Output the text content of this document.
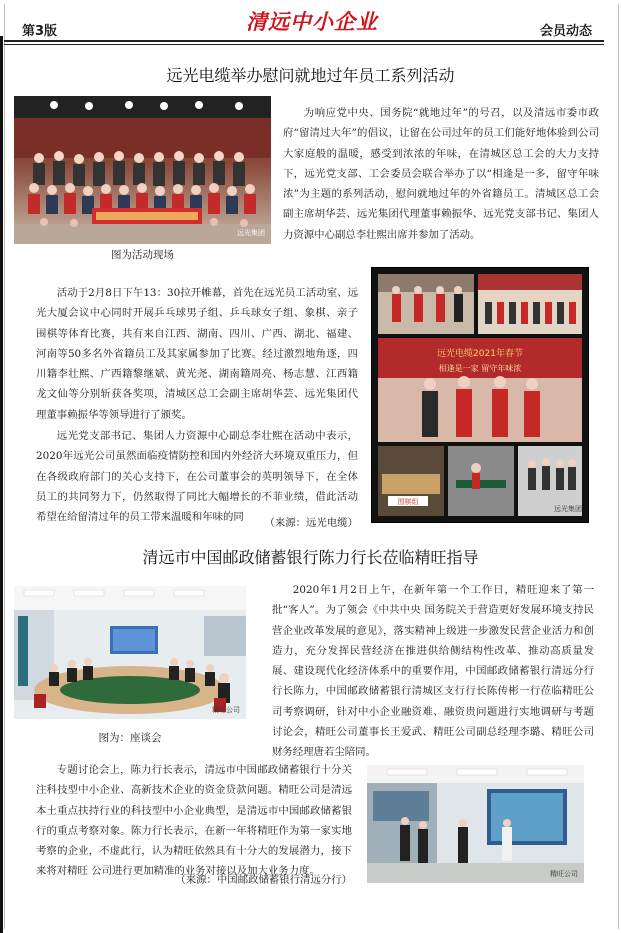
第3版	清远中小企业	会员动态
远光电缆举办慰问就地过年员工系列活动
远光集团
图为活动现场

为响应党中央、国务院“就地过年”的号召，以及清远市委市政府“留清过大年”的倡议，让留在公司过年的员工们能好地体验到公司大家庭般的温暖，感受到浓浓的年味，在清城区总工会的大力支持下，远光党支部、工会委员会联合举办了以“相逢是一多，留守年味浓”为主题的系列活动，慰问就地过年的外省籍员工。清城区总工会副主席胡华芸、远光集团代理董事赖振华、远光党支部书记、集团人力资源中心副总李壮熙出席并参加了活动。

活动于2月8日下午13：30拉开帷幕，首先在远光员工活动室、远光大厦会议中心同时开展乒乓球男子组、乒乓球女子组、象棋、亲子围棋等体育比赛，共有来自江西、湖南、四川、广西、湖北、福建、河南等50多名外省籍员工及其家属参加了比赛。经过激烈地角逐，四川籍李壮熙、广西籍黎继斌、黄光尧、湖南籍周亮、杨志慧、江西籍龙文仙等分别斩获各奖项，清城区总工会副主席胡华芸、远光集团代理董事赖振华等领导进行了颁奖。

远光党支部书记、集团人力资源中心副总李壮熙在活动中表示，2020年远光公司虽然面临疫情防控和国内外经济大环境双重压力，但在各级政府部门的关心支持下，在公司董事会的英明领导下，在全体员工的共同努力下，仍然取得了同比大幅增长的不菲业绩，借此活动希望在给留清过年的员工带来温暖和年味的同	（来源：远光电缆）
远光电缆2021年春节
相逢是一家 留守年味浓
围棋组
远光集团
清远市中国邮政储蓄银行陈力行长莅临精旺指导
精旺公司
图为：座谈会

2020年1月2日上午，在新年第一个工作日，精旺迎来了第一批“客人”。为了领会《中共中央 国务院关于营造更好发展环境支持民营企业改革发展的意见》，落实精神上级进一步激发民营企业活力和创造力，充分发挥民营经济在推进供给侧结构性改革、推动高质量发展、建设现代化经济体系中的重要作用，中国邮政储蓄银行清远分行行长陈力，中国邮政储蓄银行清城区支行行长陈传彬一行莅临精旺公司考察调研，针对中小企业融资难、融资贵问题进行实地调研与考题讨论会，精旺公司董事长王爱武、精旺公司副总经理李璐、精旺公司财务经理唐若尘陪同。

专题讨论会上，陈力行长表示，清远市中国邮政储蓄银行十分关注科技型中小企业、高新技术企业的资金贷款问题。精旺公司是清远本土重点扶持行业的科技型中小企业典型，是清远市中国邮政储蓄银行的重点考察对象。陈力行长表示，在新一年将精旺作为第一家实地考察的企业，不虚此行，认为精旺依然具有十分大的发展潜力，接下来将对精旺 公司进行更加精准的业务对接以及加大业务力度。

（来源：中国邮政储蓄银行清远分行）	精旺公司
